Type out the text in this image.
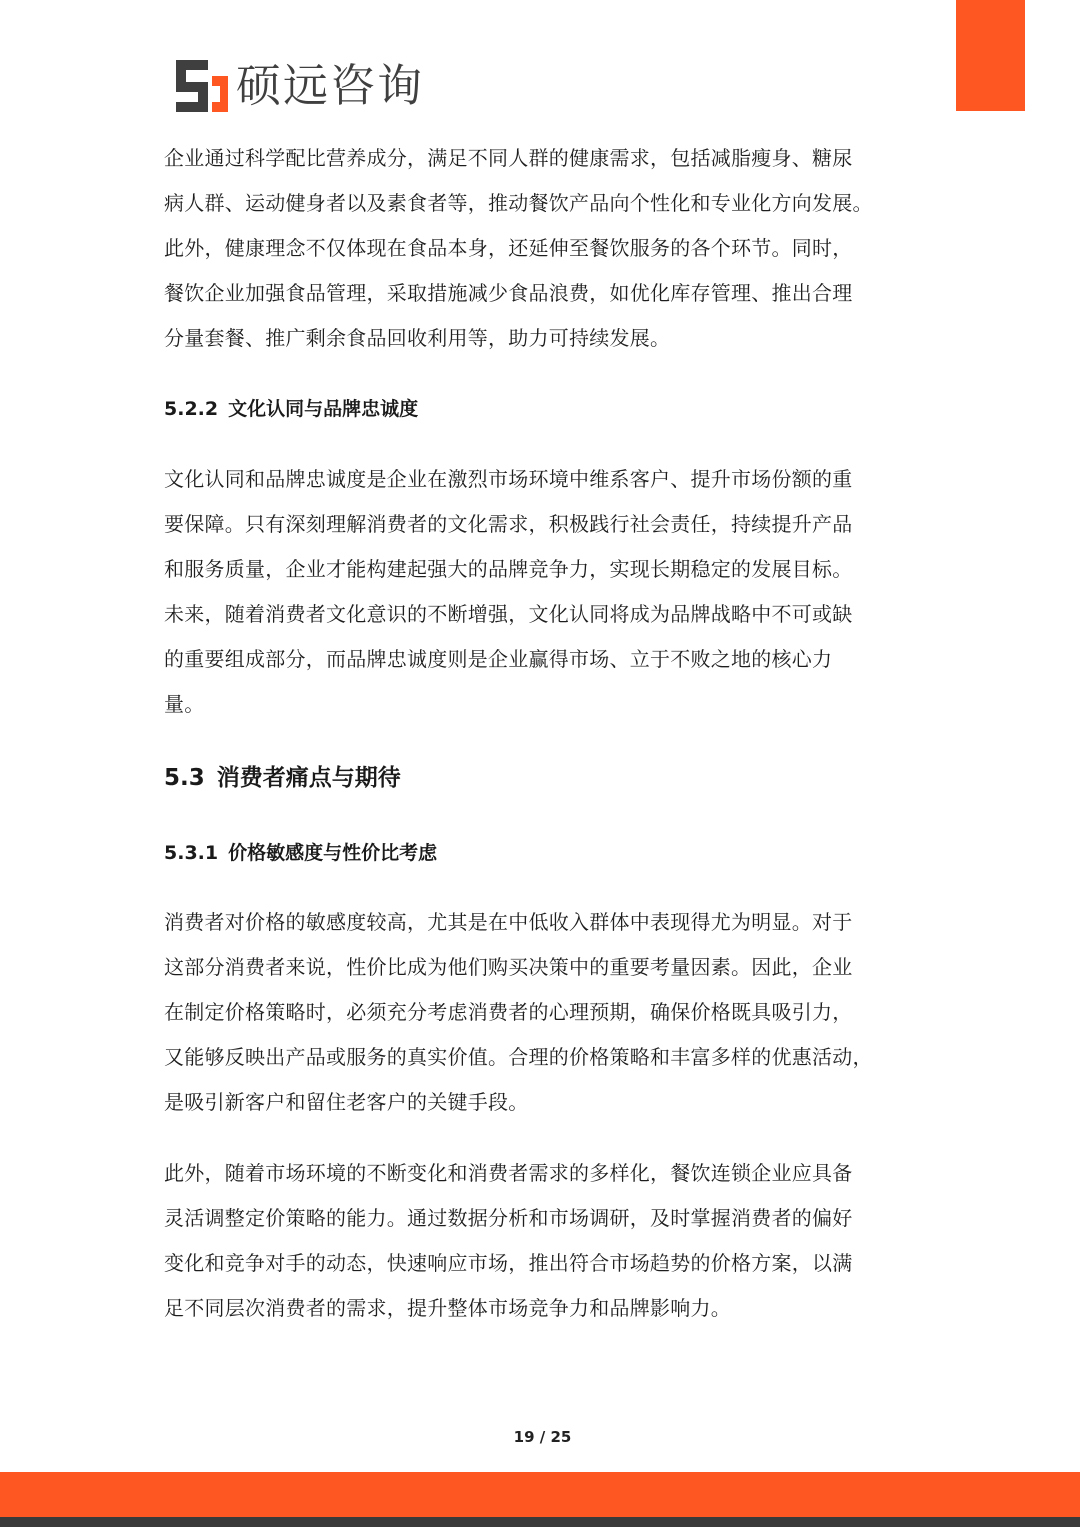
硕远咨询
企业通过科学配比营养成分，满足不同人群的健康需求，包括减脂瘦身、糖尿
病人群、运动健身者以及素食者等，推动餐饮产品向个性化和专业化方向发展。
此外，健康理念不仅体现在食品本身，还延伸至餐饮服务的各个环节。同时，
餐饮企业加强食品管理，采取措施减少食品浪费，如优化库存管理、推出合理
分量套餐、推广剩余食品回收利用等，助力可持续发展。
5.2.2 文化认同与品牌忠诚度
文化认同和品牌忠诚度是企业在激烈市场环境中维系客户、提升市场份额的重
要保障。只有深刻理解消费者的文化需求，积极践行社会责任，持续提升产品
和服务质量，企业才能构建起强大的品牌竞争力，实现长期稳定的发展目标。
未来，随着消费者文化意识的不断增强，文化认同将成为品牌战略中不可或缺
的重要组成部分，而品牌忠诚度则是企业赢得市场、立于不败之地的核心力
量。
5.3 消费者痛点与期待
5.3.1 价格敏感度与性价比考虑
消费者对价格的敏感度较高，尤其是在中低收入群体中表现得尤为明显。对于
这部分消费者来说，性价比成为他们购买决策中的重要考量因素。因此，企业
在制定价格策略时，必须充分考虑消费者的心理预期，确保价格既具吸引力，
又能够反映出产品或服务的真实价值。合理的价格策略和丰富多样的优惠活动，
是吸引新客户和留住老客户的关键手段。
此外，随着市场环境的不断变化和消费者需求的多样化，餐饮连锁企业应具备
灵活调整定价策略的能力。通过数据分析和市场调研，及时掌握消费者的偏好
变化和竞争对手的动态，快速响应市场，推出符合市场趋势的价格方案，以满
足不同层次消费者的需求，提升整体市场竞争力和品牌影响力。
19 / 25
